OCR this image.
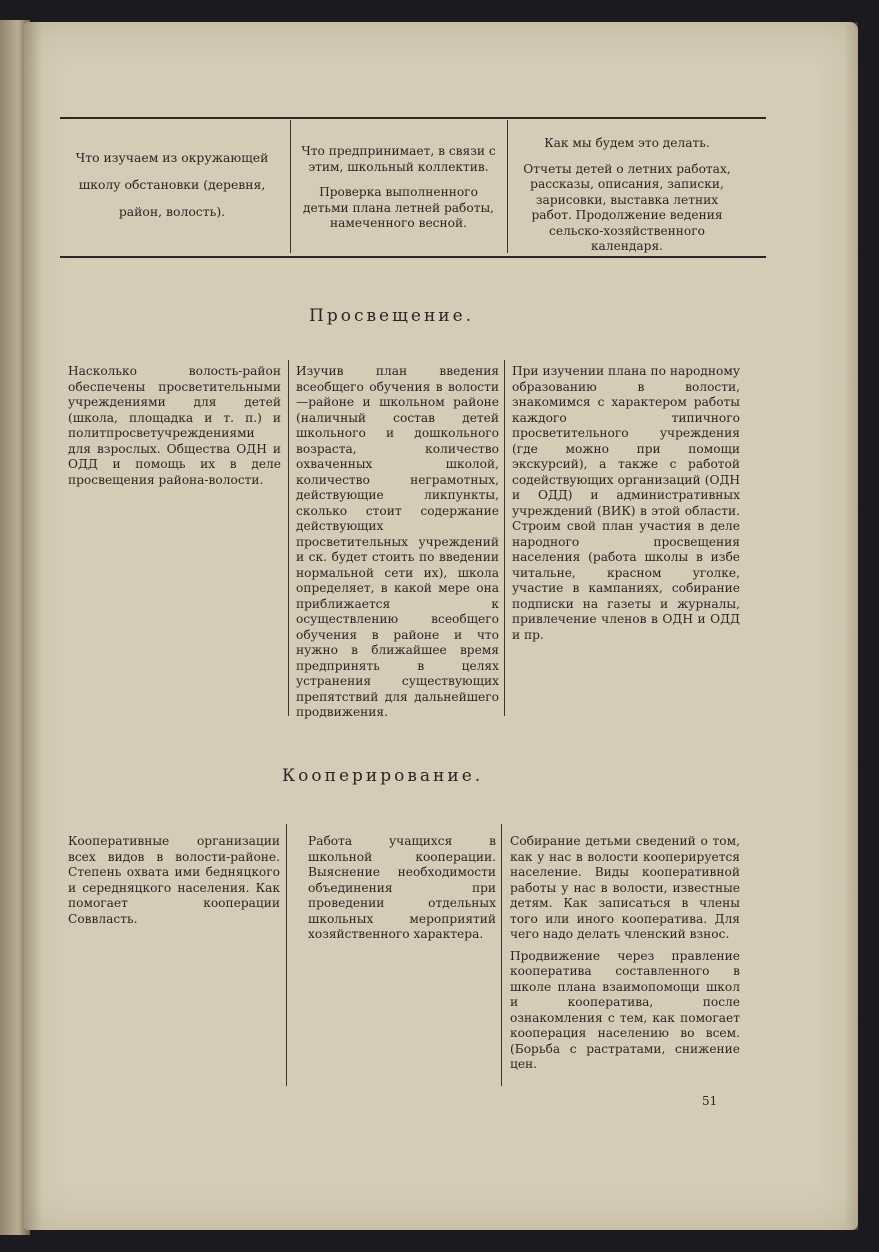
Что изучаем из окружающей школу обстановки (деревня, район, волость).

Что предпринимает, в связи с этим, школьный коллектив.

Проверка выполненного детьми плана летней работы, намеченного весной.

Как мы будем это делать.

Отчеты детей о летних работах, рассказы, описания, записки, зарисовки, выставка летних работ. Продолжение ведения сельско-хозяйственного календаря.

Просвещение.

Насколько волость-район обеспечены просветительными учреждениями для детей (школа, площадка и т. п.) и политпросветучреждениями для взрослых. Общества ОДН и ОДД и помощь их в деле просвещения района-волости.

Изучив план введения всеобщего обучения в волости—районе и школьном районе (наличный состав детей школьного и дошкольного возраста, количество охваченных школой, количество неграмотных, действующие ликпункты, сколько стоит содержание действующих просветительных учреждений и ск. будет стоить по введении нормальной сети их), школа определяет, в какой мере она приближается к осуществлению всеобщего обучения в районе и что нужно в ближайшее время предпринять в целях устранения существующих препятствий для дальнейшего продвижения.

При изучении плана по народному образованию в волости, знакомимся с характером работы каждого типичного просветительного учреждения (где можно при помощи экскурсий), а также с работой содействующих организаций (ОДН и ОДД) и административных учреждений (ВИК) в этой области. Строим свой план участия в деле народного просвещения населения (работа школы в избе читальне, красном уголке, участие в кампаниях, собирание подписки на газеты и журналы, привлечение членов в ОДН и ОДД и пр.

Кооперирование.

Кооперативные организации всех видов в волости-районе. Степень охвата ими бедняцкого и середняцкого населения. Как помогает кооперации Соввласть.

Работа учащихся в школьной кооперации. Выяснение необходимости объединения при проведении отдельных школьных мероприятий хозяйственного характера.

Собирание детьми сведений о том, как у нас в волости кооперируется население. Виды кооперативной работы у нас в волости, известные детям. Как записаться в члены того или иного кооператива. Для чего надо делать членский взнос.

Продвижение через правление кооператива составленного в школе плана взаимопомощи школ и кооператива, после ознакомления с тем, как помогает кооперация населению во всем. (Борьба с растратами, снижение цен.

51
